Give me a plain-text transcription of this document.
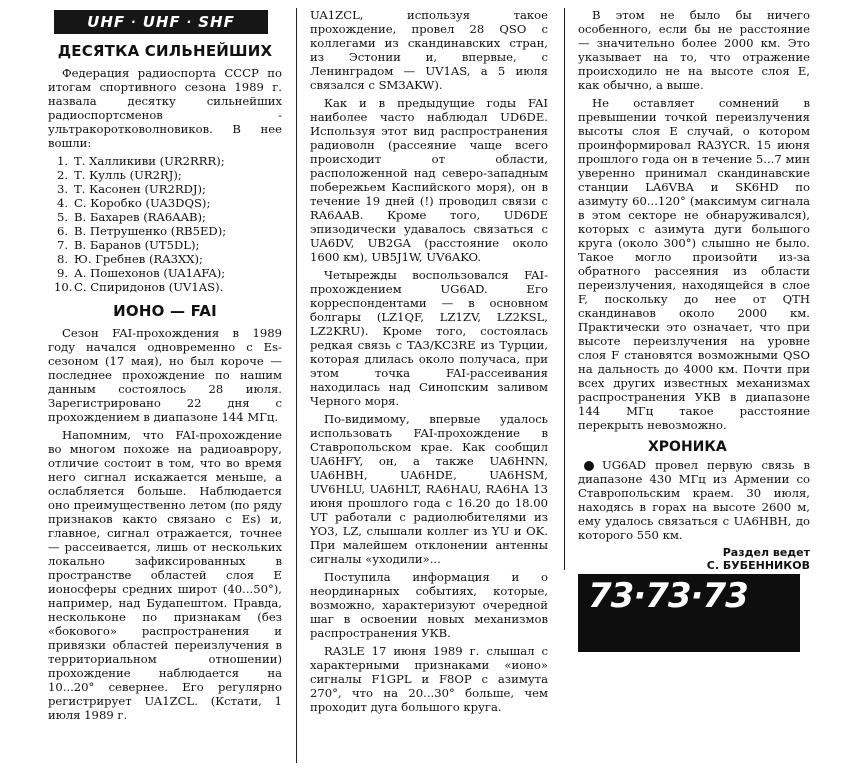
UHF · UHF · SHF
ДЕСЯТКА СИЛЬНЕЙШИХ

Федерация радиоспорта СССР по итогам спортивного сезона 1989 г. назвала десятку сильнейших радиоспортсменов - ультракоротковолновиков. В нее вошли:

1. Т. Халликиви (UR2RRR);
2. Т. Кулль (UR2RJ);
3. Т. Касонен (UR2RDJ);
4. С. Коробко (UA3DQS);
5. В. Бахарев (RA6AAB);
6. В. Петрушенко (RB5ED);
7. В. Баранов (UT5DL);
8. Ю. Гребнев (RA3XX);
9. А. Пошехонов (UA1AFA);
10. С. Спиридонов (UV1AS).
ИОНО — FAI

Сезон FAI-прохождения в 1989 году начался одновременно с Es-сезоном (17 мая), но был короче — последнее прохождение по нашим данным состоялось 28 июля. Зарегистрировано 22 дня с прохождением в диапазоне 144 МГц.

Напомним, что FAI-прохождение во многом похоже на радиоаврору, отличие состоит в том, что во время него сигнал искажается меньше, а ослабляется больше. Наблюдается оно преимущественно летом (по ряду признаков както связано с Es) и, главное, сигнал отражается, точнее — рассеивается, лишь от нескольких локально зафиксированных в пространстве областей слоя Е ионосферы средних широт (40...50°), например, над Будапештом. Правда, нескольконе по признакам (без «бокового» распространения и привязки областей переизлучения в территориальном отношении) прохождение наблюдается на 10...20° севернее. Его регулярно регистрирует UA1ZCL. (Кстати, 1 июля 1989 г.

UA1ZCL, используя такое прохождение, провел 28 QSO с коллегами из скандинавских стран, из Эстонии и, впервые, с Ленинградом — UV1AS, а 5 июля связался с SM3AKW).

Как и в предыдущие годы FAI наиболее часто наблюдал UD6DE. Используя этот вид распространения радиоволн (рассеяние чаще всего происходит от области, расположенной над северо-западным побережьем Каспийского моря), он в течение 19 дней (!) проводил связи с RA6AAB. Кроме того, UD6DE эпизодически удавалось связаться с UA6DV, UB2GA (расстояние около 1600 км), UB5J1W, UV6AKO.

Четырежды воспользовался FAI-прохождением UG6AD. Его корреспондентами — в основном болгары (LZ1QF, LZ1ZV, LZ2KSL, LZ2KRU). Кроме того, состоялась редкая связь с TA3/KC3RE из Турции, которая длилась около получаса, при этом точка FAI-рассеивания находилась над Синопским заливом Черного моря.

По-видимому, впервые удалось использовать FAI-прохождение в Ставропольском крае. Как сообщил UA6HFY, он, а также UA6HNN, UA6HBH, UA6HDE, UA6HSM, UV6HLU, UA6HLT, RA6HAU, RA6HA 13 июня прошлого года с 16.20 до 18.00 UT работали с радиолюбителями из YO3, LZ, слышали коллег из YU и OK. При малейшем отклонении антенны сигналы «уходили»...

Поступила информация и о неординарных событиях, которые, возможно, характеризуют очередной шаг в освоении новых механизмов распространения УКВ.

RA3LE 17 июня 1989 г. слышал с характерными признаками «ионо» сигналы F1GPL и F8OP с азимута 270°, что на 20...30° больше, чем проходит дуга большого круга.

В этом не было бы ничего особенного, если бы не расстояние — значительно более 2000 км. Это указывает на то, что отражение происходило не на высоте слоя Е, как обычно, а выше.

Не оставляет сомнений в превышении точкой переизлучения высоты слоя Е случай, о котором проинформировал RA3YCR. 15 июня прошлого года он в течение 5...7 мин уверенно принимал скандинавские станции LA6VBA и SK6HD по азимуту 60...120° (максимум сигнала в этом секторе не обнаруживался), которых с азимута дуги большого круга (около 300°) слышно не было. Такое могло произойти из-за обратного рассеяния из области переизлучения, находящейся в слое F, поскольку до нее от QTH скандинавов около 2000 км. Практически это означает, что при высоте переизлучения на уровне слоя F становятся возможными QSO на дальность до 4000 км. Почти при всех других известных механизмах распространения УКВ в диапазоне 144 МГц такое расстояние перекрыть невозможно.

ХРОНИКА

UG6AD провел первую связь в диапазоне 430 МГц из Армении со Ставропольским краем. 30 июля, находясь в горах на высоте 2600 м, ему удалось связаться с UA6HBH, до которого 550 км.

Раздел ведет
С. БУБЕННИКОВ
73·73·73
73·73·73
